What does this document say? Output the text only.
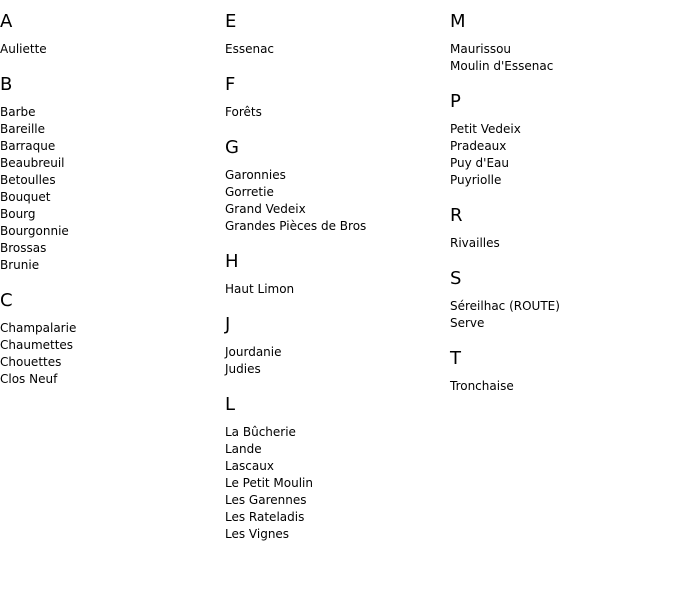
A
Auliette
B
Barbe
Bareille
Barraque
Beaubreuil
Betoulles
Bouquet
Bourg
Bourgonnie
Brossas
Brunie
C
Champalarie
Chaumettes
Chouettes
Clos Neuf
E
Essenac
F
Forêts
G
Garonnies
Gorretie
Grand Vedeix
Grandes Pièces de Bros
H
Haut Limon
J
Jourdanie
Judies
L
La Bûcherie
Lande
Lascaux
Le Petit Moulin
Les Garennes
Les Rateladis
Les Vignes
M
Maurissou
Moulin d'Essenac
P
Petit Vedeix
Pradeaux
Puy d'Eau
Puyriolle
R
Rivailles
S
Séreilhac (ROUTE)
Serve
T
Tronchaise
